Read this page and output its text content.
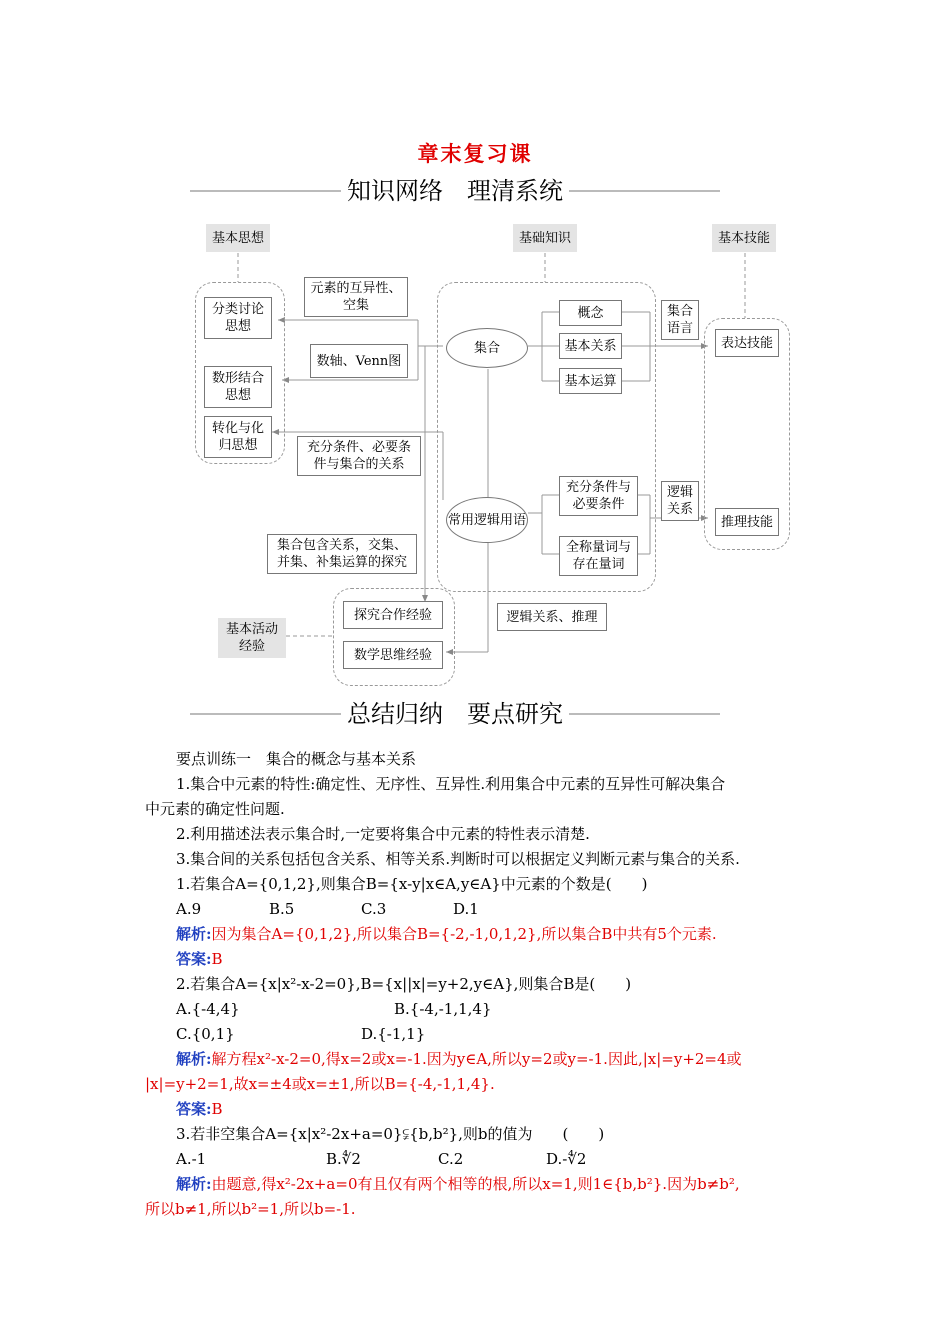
章末复习课
知识网络　理清系统
基本思想	基础知识	基本技能
分类讨论思想
数形结合思想
转化与化归思想
元素的互异性、空集
数轴、Venn图
充分条件、必要条件与集合的关系
集合
概念
基本关系
基本运算
常用逻辑用语
充分条件与必要条件
全称量词与存在量词
集合语言
逻辑关系
表达技能
推理技能
集合包含关系，交集、并集、补集运算的探究
探究合作经验
数学思维经验
基本活动经验
逻辑关系、推理
总结归纳　要点研究
要点训练一　集合的概念与基本关系
1.集合中元素的特性:确定性、无序性、互异性.利用集合中元素的互异性可解决集合
中元素的确定性问题.
2.利用描述法表示集合时,一定要将集合中元素的特性表示清楚.
3.集合间的关系包括包含关系、相等关系.判断时可以根据定义判断元素与集合的关系.
1.若集合A={0,1,2},则集合B={x-y|x∈A,y∈A}中元素的个数是(　　)
A.9	B.5	C.3	D.1
解析:因为集合A={0,1,2},所以集合B={-2,-1,0,1,2},所以集合B中共有5个元素.
答案:B
2.若集合A={x|x²-x-2=0},B={x||x|=y+2,y∈A},则集合B是(　　)
A.{-4,4}	B.{-4,-1,1,4}
C.{0,1}	D.{-1,1}
解析:解方程x²-x-2=0,得x=2或x=-1.因为y∈A,所以y=2或y=-1.因此,|x|=y+2=4或
|x|=y+2=1,故x=±4或x=±1,所以B={-4,-1,1,4}.
答案:B
3.若非空集合A={x|x²-2x+a=0}⫋{b,b²},则b的值为　　(　　)
A.-1	B.∜2	C.2	D.-∜2
解析:由题意,得x²-2x+a=0有且仅有两个相等的根,所以x=1,则1∈{b,b²}.因为b≠b²,
所以b≠1,所以b²=1,所以b=-1.
